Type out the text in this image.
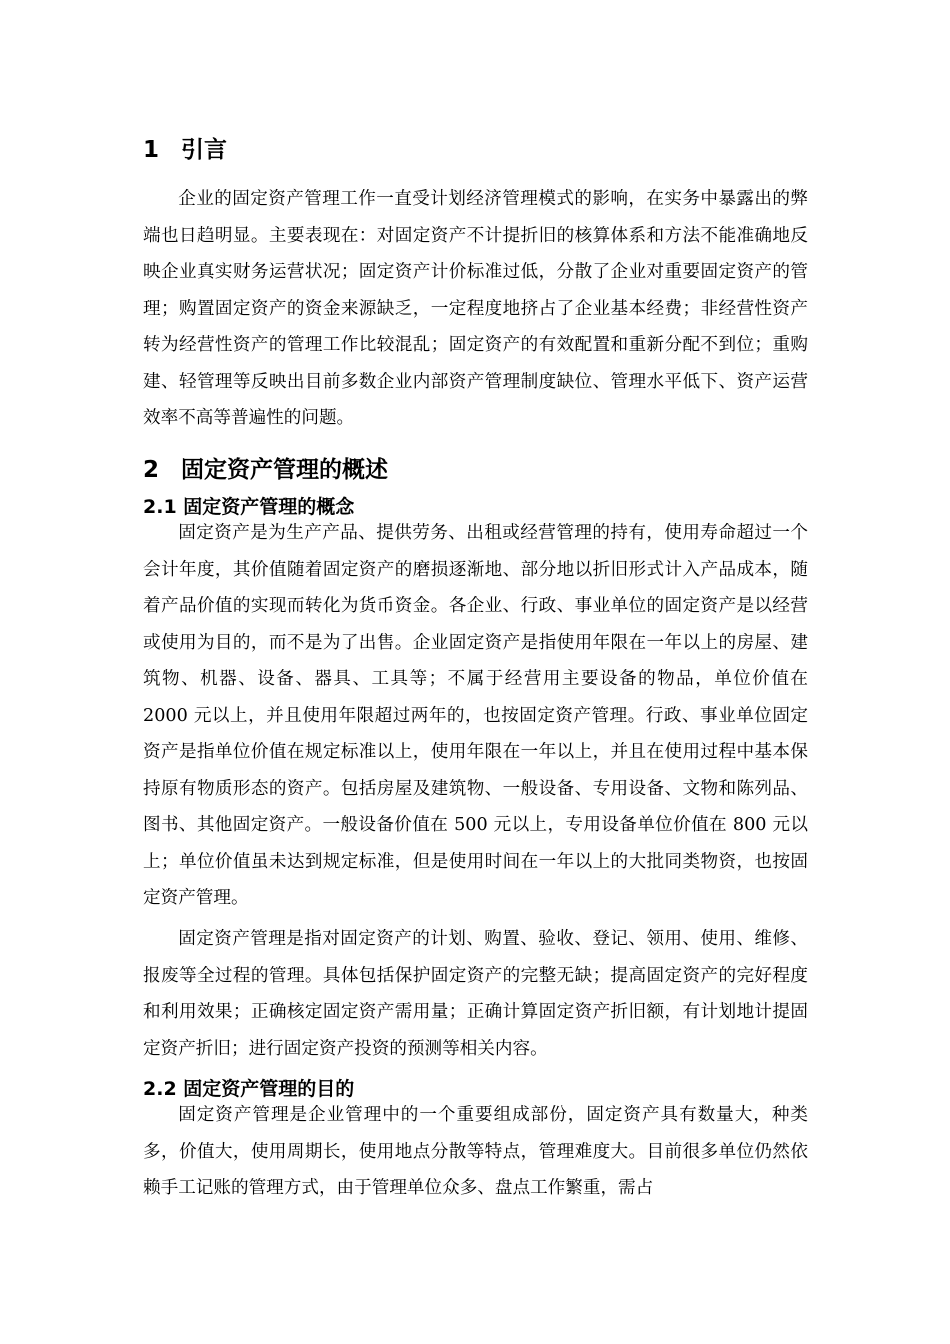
1 引言

企业的固定资产管理工作一直受计划经济管理模式的影响，在实务中暴露出的弊端也日趋明显。主要表现在：对固定资产不计提折旧的核算体系和方法不能准确地反映企业真实财务运营状况；固定资产计价标准过低，分散了企业对重要固定资产的管理；购置固定资产的资金来源缺乏，一定程度地挤占了企业基本经费；非经营性资产转为经营性资产的管理工作比较混乱；固定资产的有效配置和重新分配不到位；重购建、轻管理等反映出目前多数企业内部资产管理制度缺位、管理水平低下、资产运营效率不高等普遍性的问题。

2 固定资产管理的概述
2.1 固定资产管理的概念

固定资产是为生产产品、提供劳务、出租或经营管理的持有，使用寿命超过一个会计年度，其价值随着固定资产的磨损逐渐地、部分地以折旧形式计入产品成本，随着产品价值的实现而转化为货币资金。各企业、行政、事业单位的固定资产是以经营或使用为目的，而不是为了出售。企业固定资产是指使用年限在一年以上的房屋、建筑物、机器、设备、器具、工具等；不属于经营用主要设备的物品，单位价值在 2000 元以上，并且使用年限超过两年的，也按固定资产管理。行政、事业单位固定资产是指单位价值在规定标准以上，使用年限在一年以上，并且在使用过程中基本保持原有物质形态的资产。包括房屋及建筑物、一般设备、专用设备、文物和陈列品、图书、其他固定资产。一般设备价值在 500 元以上，专用设备单位价值在 800 元以上；单位价值虽未达到规定标准，但是使用时间在一年以上的大批同类物资，也按固定资产管理。

固定资产管理是指对固定资产的计划、购置、验收、登记、领用、使用、维修、报废等全过程的管理。具体包括保护固定资产的完整无缺；提高固定资产的完好程度和利用效果；正确核定固定资产需用量；正确计算固定资产折旧额，有计划地计提固定资产折旧；进行固定资产投资的预测等相关内容。

2.2 固定资产管理的目的

固定资产管理是企业管理中的一个重要组成部份，固定资产具有数量大，种类多，价值大，使用周期长，使用地点分散等特点，管理难度大。目前很多单位仍然依赖手工记账的管理方式，由于管理单位众多、盘点工作繁重，需占
